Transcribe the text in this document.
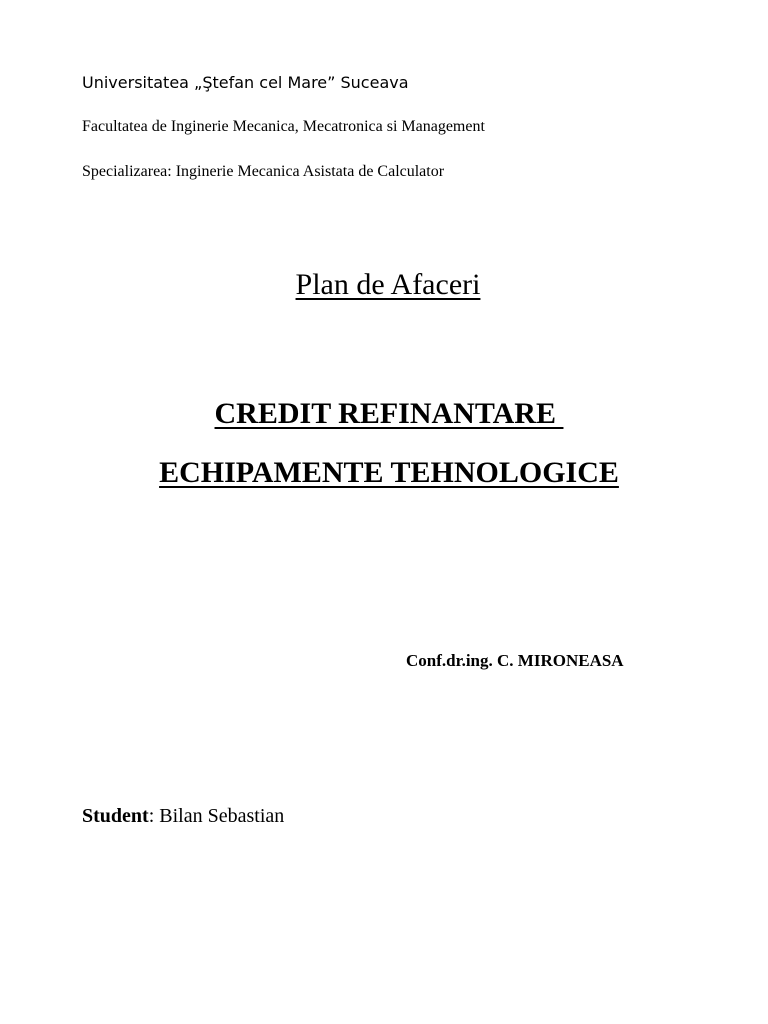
Universitatea „Ştefan cel Mare” Suceava

Facultatea de Inginerie Mecanica, Mecatronica si Management

Specializarea: Inginerie Mecanica Asistata de Calculator

Plan de Afaceri
CREDIT REFINANTARE
ECHIPAMENTE TEHNOLOGICE

Conf.dr.ing. C. MIRONEASA

Student: Bilan Sebastian
